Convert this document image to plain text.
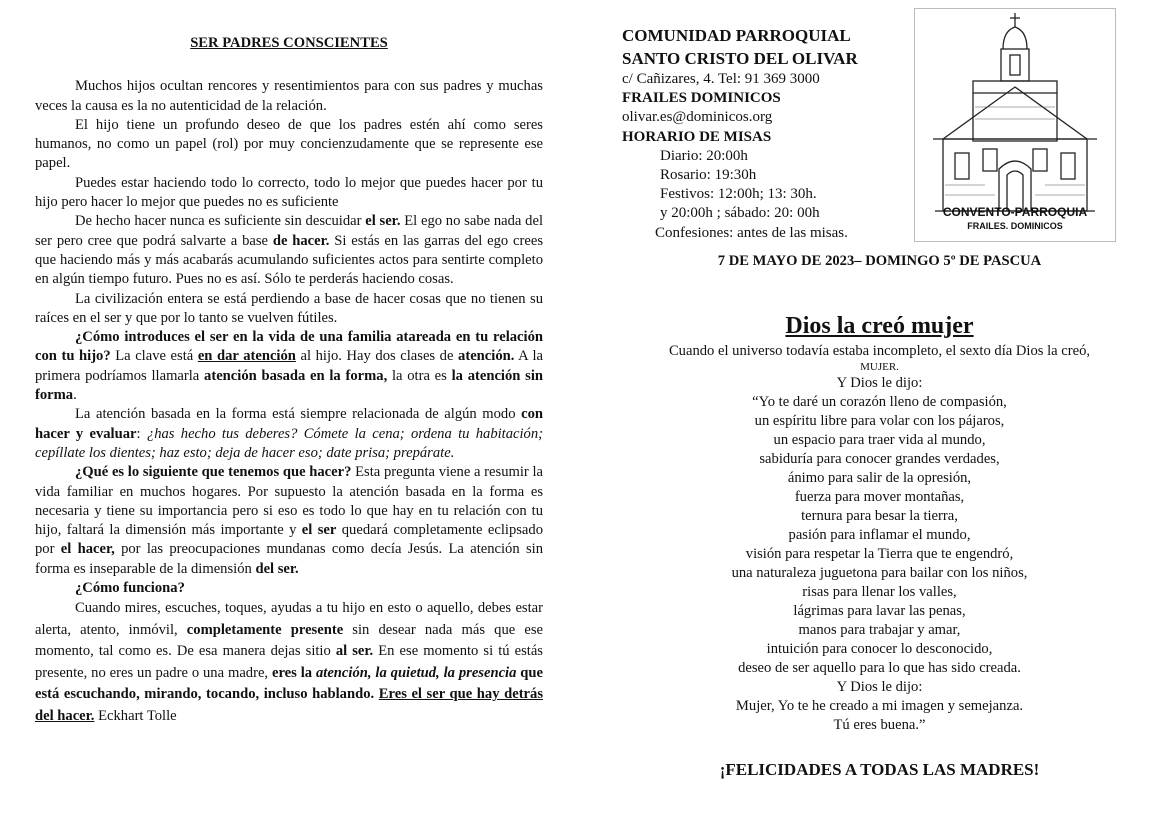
SER PADRES CONSCIENTES

Muchos hijos ocultan rencores y resentimientos para con sus padres y muchas veces la causa es la no autenticidad de la relación.

El hijo tiene un profundo deseo de que los padres estén ahí como seres humanos, no como un papel (rol) por muy concienzudamente que se represente ese papel.

Puedes estar haciendo todo lo correcto, todo lo mejor que puedes hacer por tu hijo pero hacer lo mejor que puedes no es suficiente

De hecho hacer nunca es suficiente sin descuidar el ser. El ego no sabe nada del ser pero cree que podrá salvarte a base de hacer. Si estás en las garras del ego crees que haciendo más y más acabarás acumulando suficientes actos para sentirte completo en algún tiempo futuro. Pues no es así. Sólo te perderás haciendo cosas.

La civilización entera se está perdiendo a base de hacer cosas que no tienen su raíces en el ser y que por lo tanto se vuelven fútiles.

¿Cómo introduces el ser en la vida de una familia atareada en tu relación con tu hijo? La clave está en dar atención al hijo. Hay dos clases de atención. A la primera podríamos llamarla atención basada en la forma, la otra es la atención sin forma.

La atención basada en la forma está siempre relacionada de algún modo con hacer y evaluar: ¿has hecho tus deberes? Cómete la cena; ordena tu habitación; cepíllate los dientes; haz esto; deja de hacer eso; date prisa; prepárate.

¿Qué es lo siguiente que tenemos que hacer? Esta pregunta viene a resumir la vida familiar en muchos hogares. Por supuesto la atención basada en la forma es necesaria y tiene su importancia pero si eso es todo lo que hay en tu relación con tu hijo, faltará la dimensión más importante y el ser quedará completamente eclipsado por el hacer, por las preocupaciones mundanas como decía Jesús. La atención sin forma es inseparable de la dimensión del ser.

¿Cómo funciona?

Cuando mires, escuches, toques, ayudas a tu hijo en esto o aquello, debes estar alerta, atento, inmóvil, completamente presente sin desear nada más que ese momento, tal como es. De esa manera dejas sitio al ser. En ese momento si tú estás presente, no eres un padre o una madre, eres la atención, la quietud, la presencia que está escuchando, mirando, tocando, incluso hablando. Eres el ser que hay detrás del hacer. Eckhart Tolle

COMUNIDAD PARROQUIAL
SANTO CRISTO DEL OLIVAR
c/ Cañizares, 4. Tel: 91 369 3000
FRAILES DOMINICOS
olivar.es@dominicos.org
HORARIO DE MISAS
Diario: 20:00h
Rosario: 19:30h
Festivos: 12:00h; 13: 30h.
y 20:00h ; sábado: 20: 00h
Confesiones: antes de las misas.
CONVENTO-PARROQUIA
FRAILES. DOMINICOS
7 DE MAYO DE 2023– DOMINGO 5º DE PASCUA
Dios la creó mujer
Cuando el universo todavía estaba incompleto, el sexto día Dios la creó,
MUJER.
Y Dios le dijo:
“Yo te daré un corazón lleno de compasión,
un espíritu libre para volar con los pájaros,
un espacio para traer vida al mundo,
sabiduría para conocer grandes verdades,
ánimo para salir de la opresión,
fuerza para mover montañas,
ternura para besar la tierra,
pasión para inflamar el mundo,
visión para respetar la Tierra que te engendró,
una naturaleza juguetona para bailar con los niños,
risas para llenar los valles,
lágrimas para lavar las penas,
manos para trabajar y amar,
intuición para conocer lo desconocido,
deseo de ser aquello para lo que has sido creada.
Y Dios le dijo:
Mujer, Yo te he creado a mi imagen y semejanza.
Tú eres buena.”
¡FELICIDADES A TODAS LAS MADRES!
